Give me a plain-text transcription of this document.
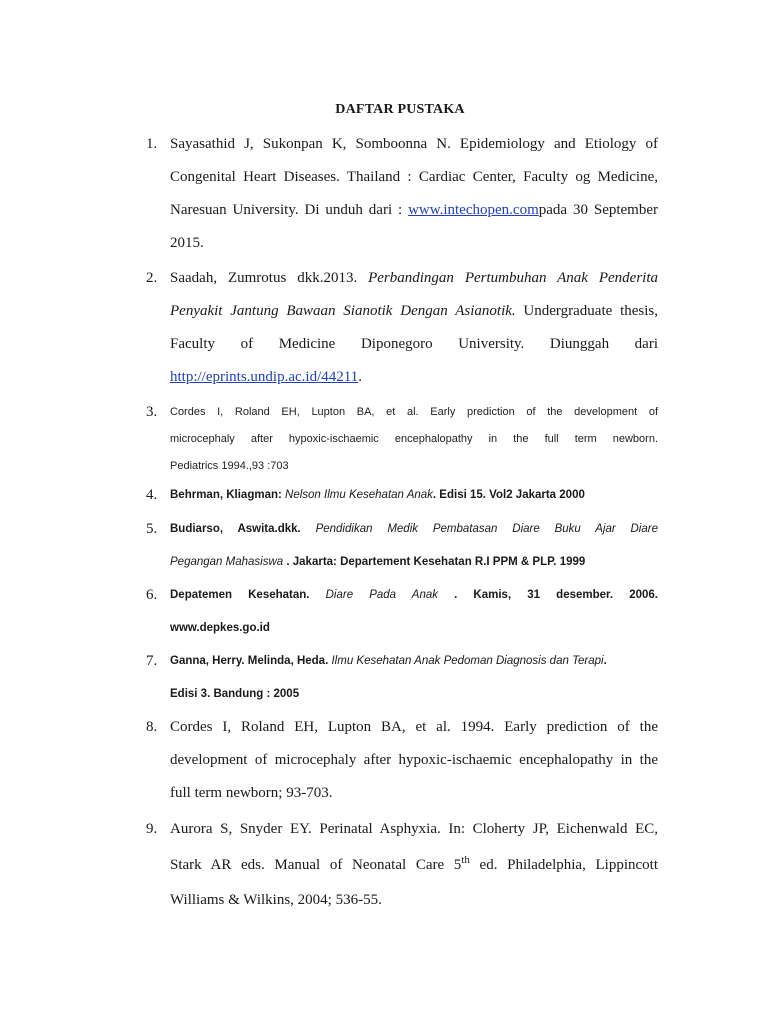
DAFTAR PUSTAKA
1. Sayasathid J, Sukonpan K, Somboonna N. Epidemiology and Etiology of
Congenital Heart Diseases. Thailand : Cardiac Center, Faculty og Medicine,
Naresuan University. Di unduh dari : www.intechopen.compada 30 September
2015.
2. Saadah, Zumrotus dkk.2013. Perbandingan Pertumbuhan Anak Penderita
Penyakit Jantung Bawaan Sianotik Dengan Asianotik. Undergraduate thesis,
Faculty of Medicine Diponegoro University. Diunggah dari
http://eprints.undip.ac.id/44211.
3. Cordes I, Roland EH, Lupton BA, et al. Early prediction of the development of
microcephaly after hypoxic-ischaemic encephalopathy in the full term newborn.
Pediatrics 1994.,93 :703
4. Behrman, Kliagman: Nelson Ilmu Kesehatan Anak. Edisi 15. Vol2 Jakarta 2000
5. Budiarso, Aswita.dkk. Pendidikan Medik Pembatasan Diare Buku Ajar Diare
Pegangan Mahasiswa . Jakarta: Departement Kesehatan R.I PPM & PLP. 1999
6. Depatemen Kesehatan. Diare Pada Anak . Kamis, 31 desember. 2006.
www.depkes.go.id
7. Ganna, Herry. Melinda, Heda. Ilmu Kesehatan Anak Pedoman Diagnosis dan Terapi.
Edisi 3. Bandung : 2005
8. Cordes I, Roland EH, Lupton BA, et al. 1994. Early prediction of the
development of microcephaly after hypoxic-ischaemic encephalopathy in the
full term newborn; 93-703.
9. Aurora S, Snyder EY. Perinatal Asphyxia. In: Cloherty JP, Eichenwald EC,
Stark AR eds. Manual of Neonatal Care 5th ed. Philadelphia, Lippincott
Williams & Wilkins, 2004; 536-55.
